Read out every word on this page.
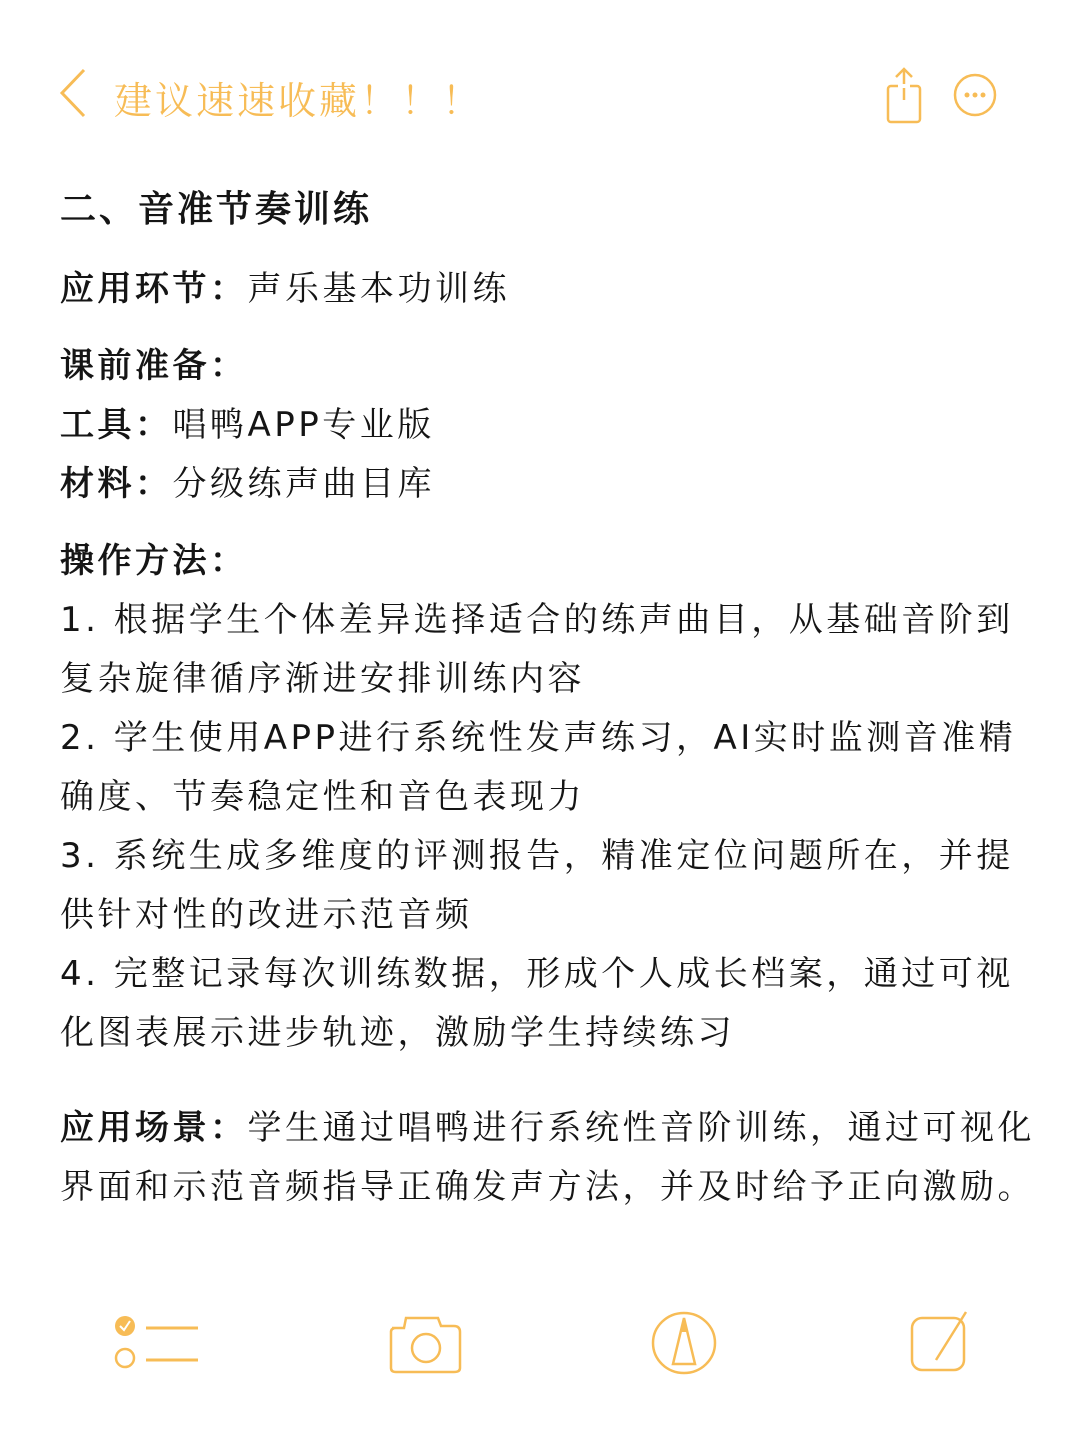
建议速速收藏！！！
二、音准节奏训练
应用环节：声乐基本功训练
课前准备：
工具：唱鸭APP专业版
材料：分级练声曲目库
操作方法：
1. 根据学生个体差异选择适合的练声曲目，从基础音阶到复杂旋律循序渐进安排训练内容
2. 学生使用APP进行系统性发声练习，AI实时监测音准精确度、节奏稳定性和音色表现力
3. 系统生成多维度的评测报告，精准定位问题所在，并提供针对性的改进示范音频
4. 完整记录每次训练数据，形成个人成长档案，通过可视化图表展示进步轨迹，激励学生持续练习
应用场景：学生通过唱鸭进行系统性音阶训练，通过可视化界面和示范音频指导正确发声方法，并及时给予正向激励。
